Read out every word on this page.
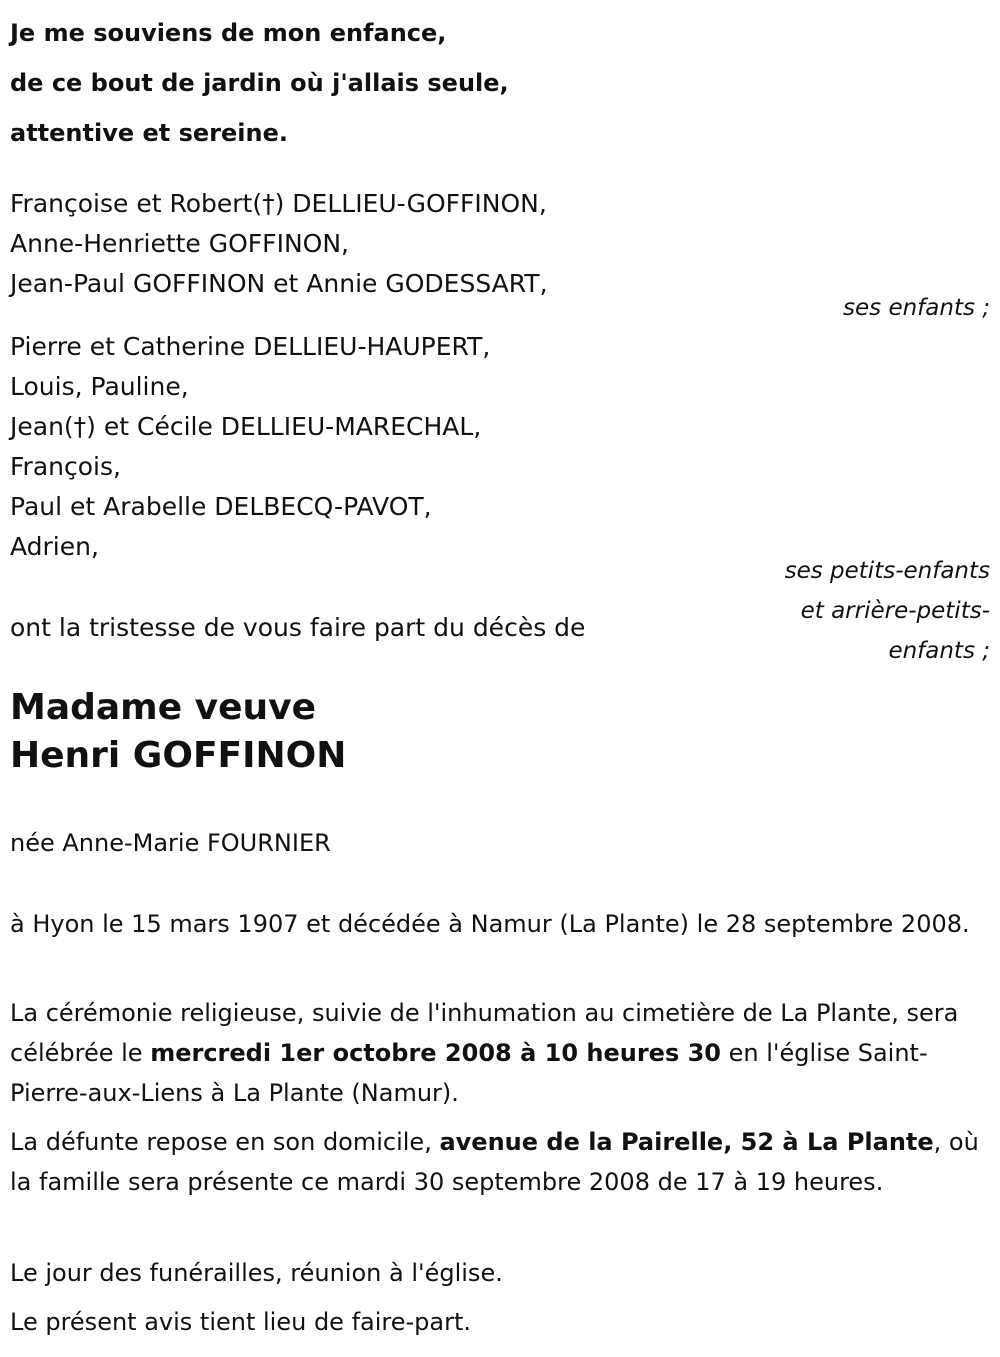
Je me souviens de mon enfance,

de ce bout de jardin où j'allais seule,

attentive et sereine.

Françoise et Robert(†) DELLIEU-GOFFINON,

Anne-Henriette GOFFINON,

Jean-Paul GOFFINON et Annie GODESSART,

ses enfants ;

Pierre et Catherine DELLIEU-HAUPERT,

Louis, Pauline,

Jean(†) et Cécile DELLIEU-MARECHAL,

François,

Paul et Arabelle DELBECQ-PAVOT,

Adrien,

ses petits-enfants
et arrière-petits-
enfants ;

ont la tristesse de vous faire part du décès de

Madame veuve
Henri GOFFINON

née Anne-Marie FOURNIER

à Hyon le 15 mars 1907 et décédée à Namur (La Plante) le 28 septembre 2008.

La cérémonie religieuse, suivie de l'inhumation au cimetière de La Plante, sera célébrée le mercredi 1er octobre 2008 à 10 heures 30 en l'église Saint-Pierre-aux-Liens à La Plante (Namur).

La défunte repose en son domicile, avenue de la Pairelle, 52 à La Plante, où la famille sera présente ce mardi 30 septembre 2008 de 17 à 19 heures.

Le jour des funérailles, réunion à l'église.

Le présent avis tient lieu de faire-part.
